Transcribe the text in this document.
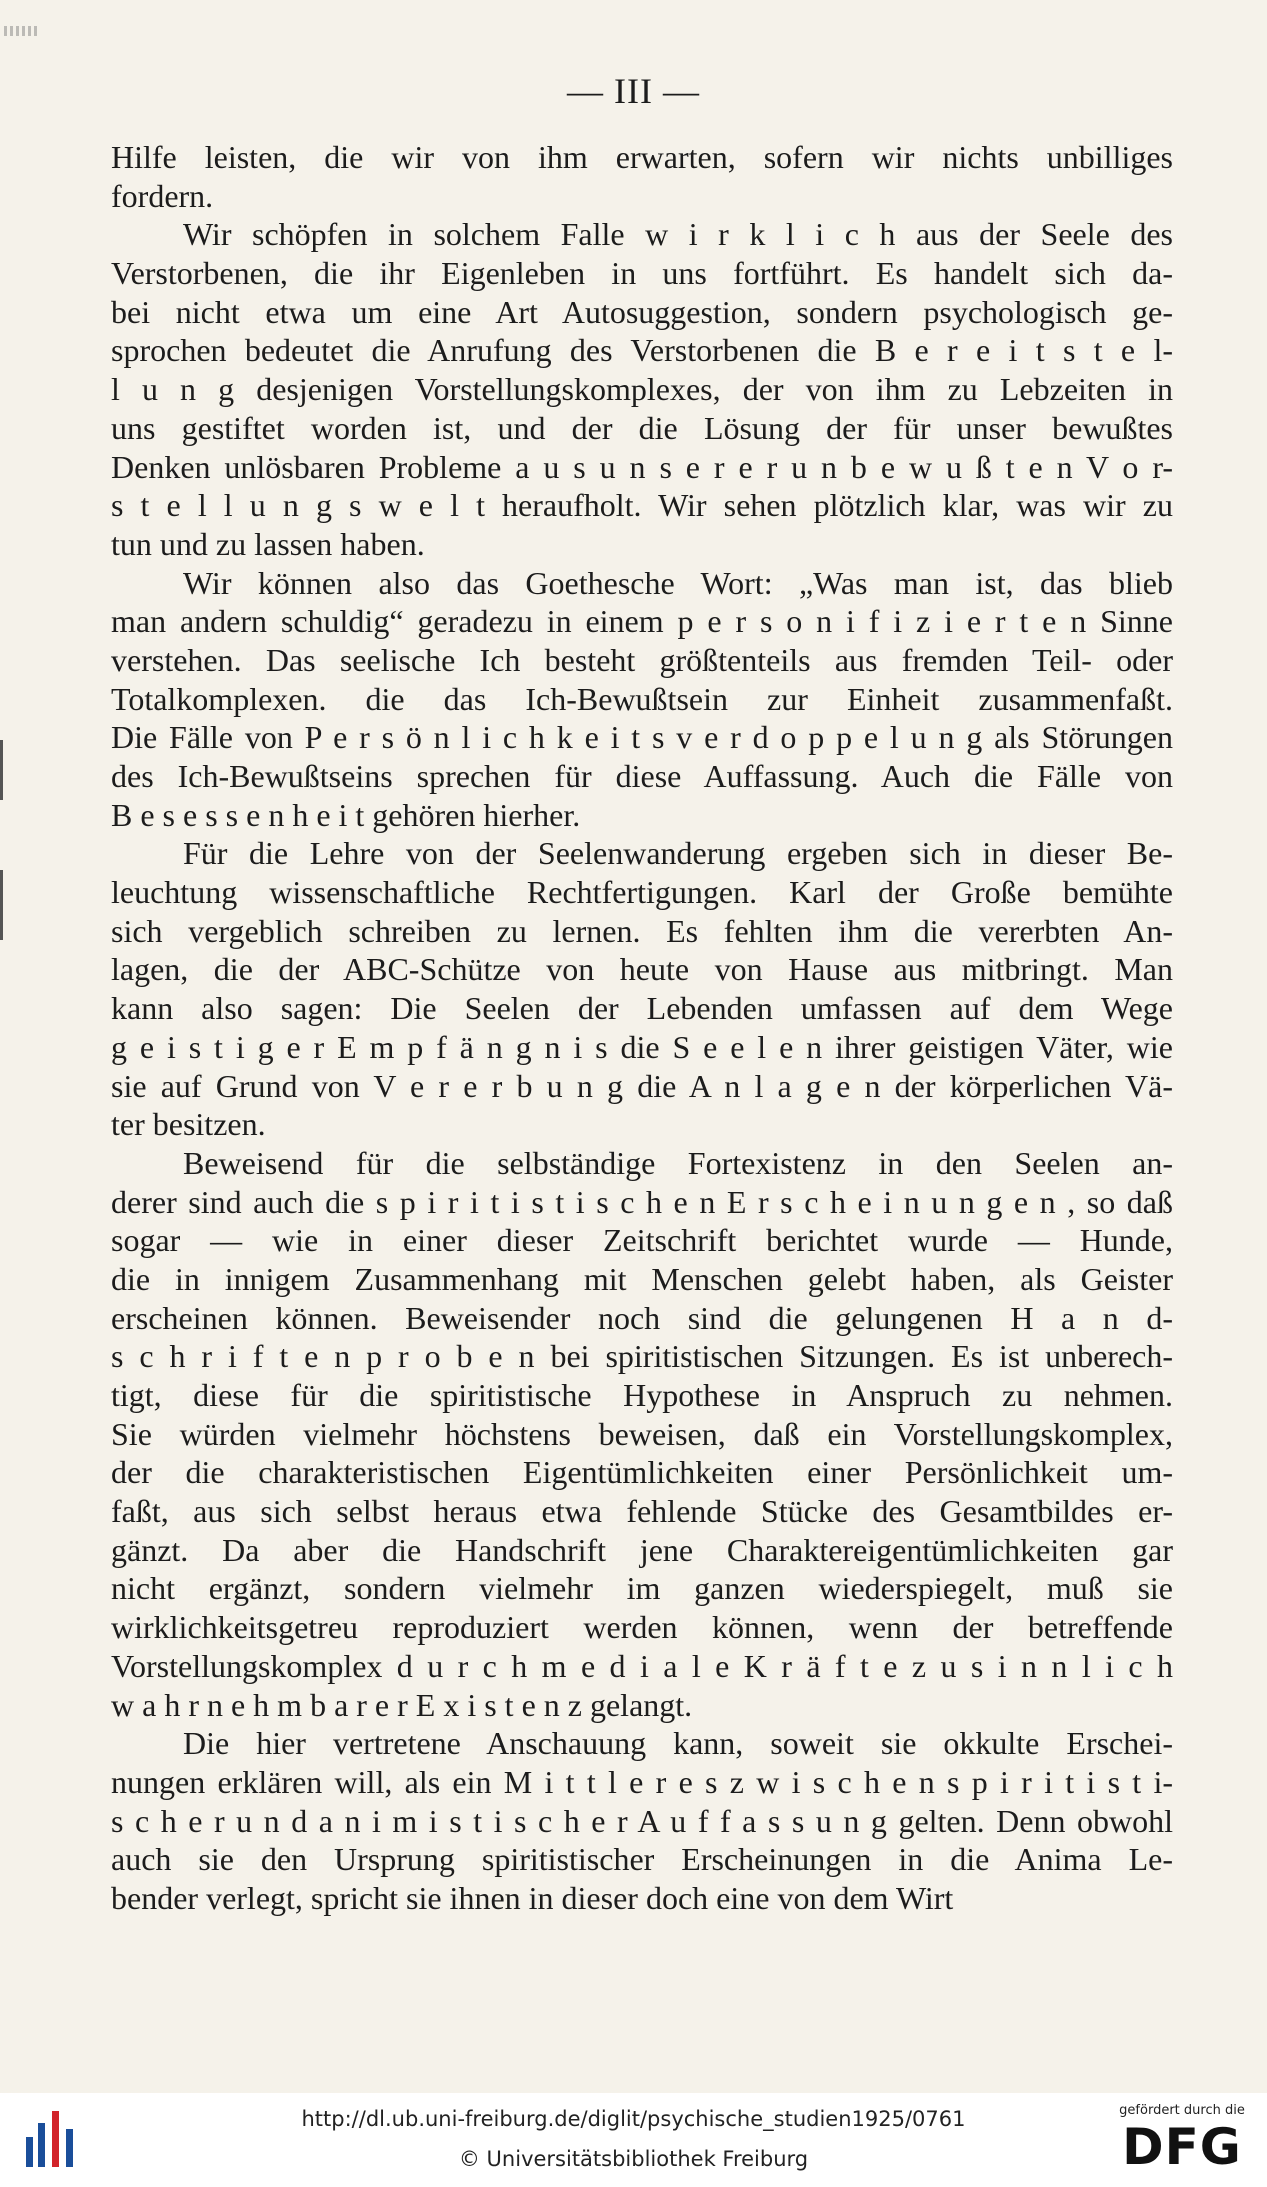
— III —
Hilfe leisten, die wir von ihm erwarten, sofern wir nichts unbilliges
fordern.
Wir schöpfen in solchem Falle w i r k l i c h aus der Seele des
Verstorbenen, die ihr Eigenleben in uns fortführt. Es handelt sich da-
bei nicht etwa um eine Art Autosuggestion, sondern psychologisch ge-
sprochen bedeutet die Anrufung des Verstorbenen die B e r e i t s t e l-
l u n g desjenigen Vorstellungskomplexes, der von ihm zu Lebzeiten in
uns gestiftet worden ist, und der die Lösung der für unser bewußtes
Denken unlösbaren Probleme a u s u n s e r e r u n b e w u ß t e n V o r-
s t e l l u n g s w e l t heraufholt. Wir sehen plötzlich klar, was wir zu
tun und zu lassen haben.
Wir können also das Goethesche Wort: „Was man ist, das blieb
man andern schuldig“ geradezu in einem p e r s o n i f i z i e r t e n Sinne
verstehen. Das seelische Ich besteht größtenteils aus fremden Teil- oder
Totalkomplexen. die das Ich-Bewußtsein zur Einheit zusammenfaßt.
Die Fälle von P e r s ö n l i c h k e i t s v e r d o p p e l u n g als Störungen
des Ich-Bewußtseins sprechen für diese Auffassung. Auch die Fälle von
B e s e s s e n h e i t gehören hierher.
Für die Lehre von der Seelenwanderung ergeben sich in dieser Be-
leuchtung wissenschaftliche Rechtfertigungen. Karl der Große bemühte
sich vergeblich schreiben zu lernen. Es fehlten ihm die vererbten An-
lagen, die der ABC-Schütze von heute von Hause aus mitbringt. Man
kann also sagen: Die Seelen der Lebenden umfassen auf dem Wege
g e i s t i g e r E m p f ä n g n i s die S e e l e n ihrer geistigen Väter, wie
sie auf Grund von V e r e r b u n g die A n l a g e n der körperlichen Vä-
ter besitzen.
Beweisend für die selbständige Fortexistenz in den Seelen an-
derer sind auch die s p i r i t i s t i s c h e n E r s c h e i n u n g e n , so daß
sogar — wie in einer dieser Zeitschrift berichtet wurde — Hunde,
die in innigem Zusammenhang mit Menschen gelebt haben, als Geister
erscheinen können. Beweisender noch sind die gelungenen H a n d-
s c h r i f t e n p r o b e n bei spiritistischen Sitzungen. Es ist unberech-
tigt, diese für die spiritistische Hypothese in Anspruch zu nehmen.
Sie würden vielmehr höchstens beweisen, daß ein Vorstellungskomplex,
der die charakteristischen Eigentümlichkeiten einer Persönlichkeit um-
faßt, aus sich selbst heraus etwa fehlende Stücke des Gesamtbildes er-
gänzt. Da aber die Handschrift jene Charaktereigentümlichkeiten gar
nicht ergänzt, sondern vielmehr im ganzen wiederspiegelt, muß sie
wirklichkeitsgetreu reproduziert werden können, wenn der betreffende
Vorstellungskomplex d u r c h m e d i a l e K r ä f t e z u s i n n l i c h
w a h r n e h m b a r e r E x i s t e n z gelangt.
Die hier vertretene Anschauung kann, soweit sie okkulte Erschei-
nungen erklären will, als ein M i t t l e r e s z w i s c h e n s p i r i t i s t i-
s c h e r u n d a n i m i s t i s c h e r A u f f a s s u n g gelten. Denn obwohl
auch sie den Ursprung spiritistischer Erscheinungen in die Anima Le-
bender verlegt, spricht sie ihnen in dieser doch eine von dem Wirt
http://dl.ub.uni-freiburg.de/diglit/psychische_studien1925/0761
© Universitätsbibliothek Freiburg
gefördert durch die
DFG
